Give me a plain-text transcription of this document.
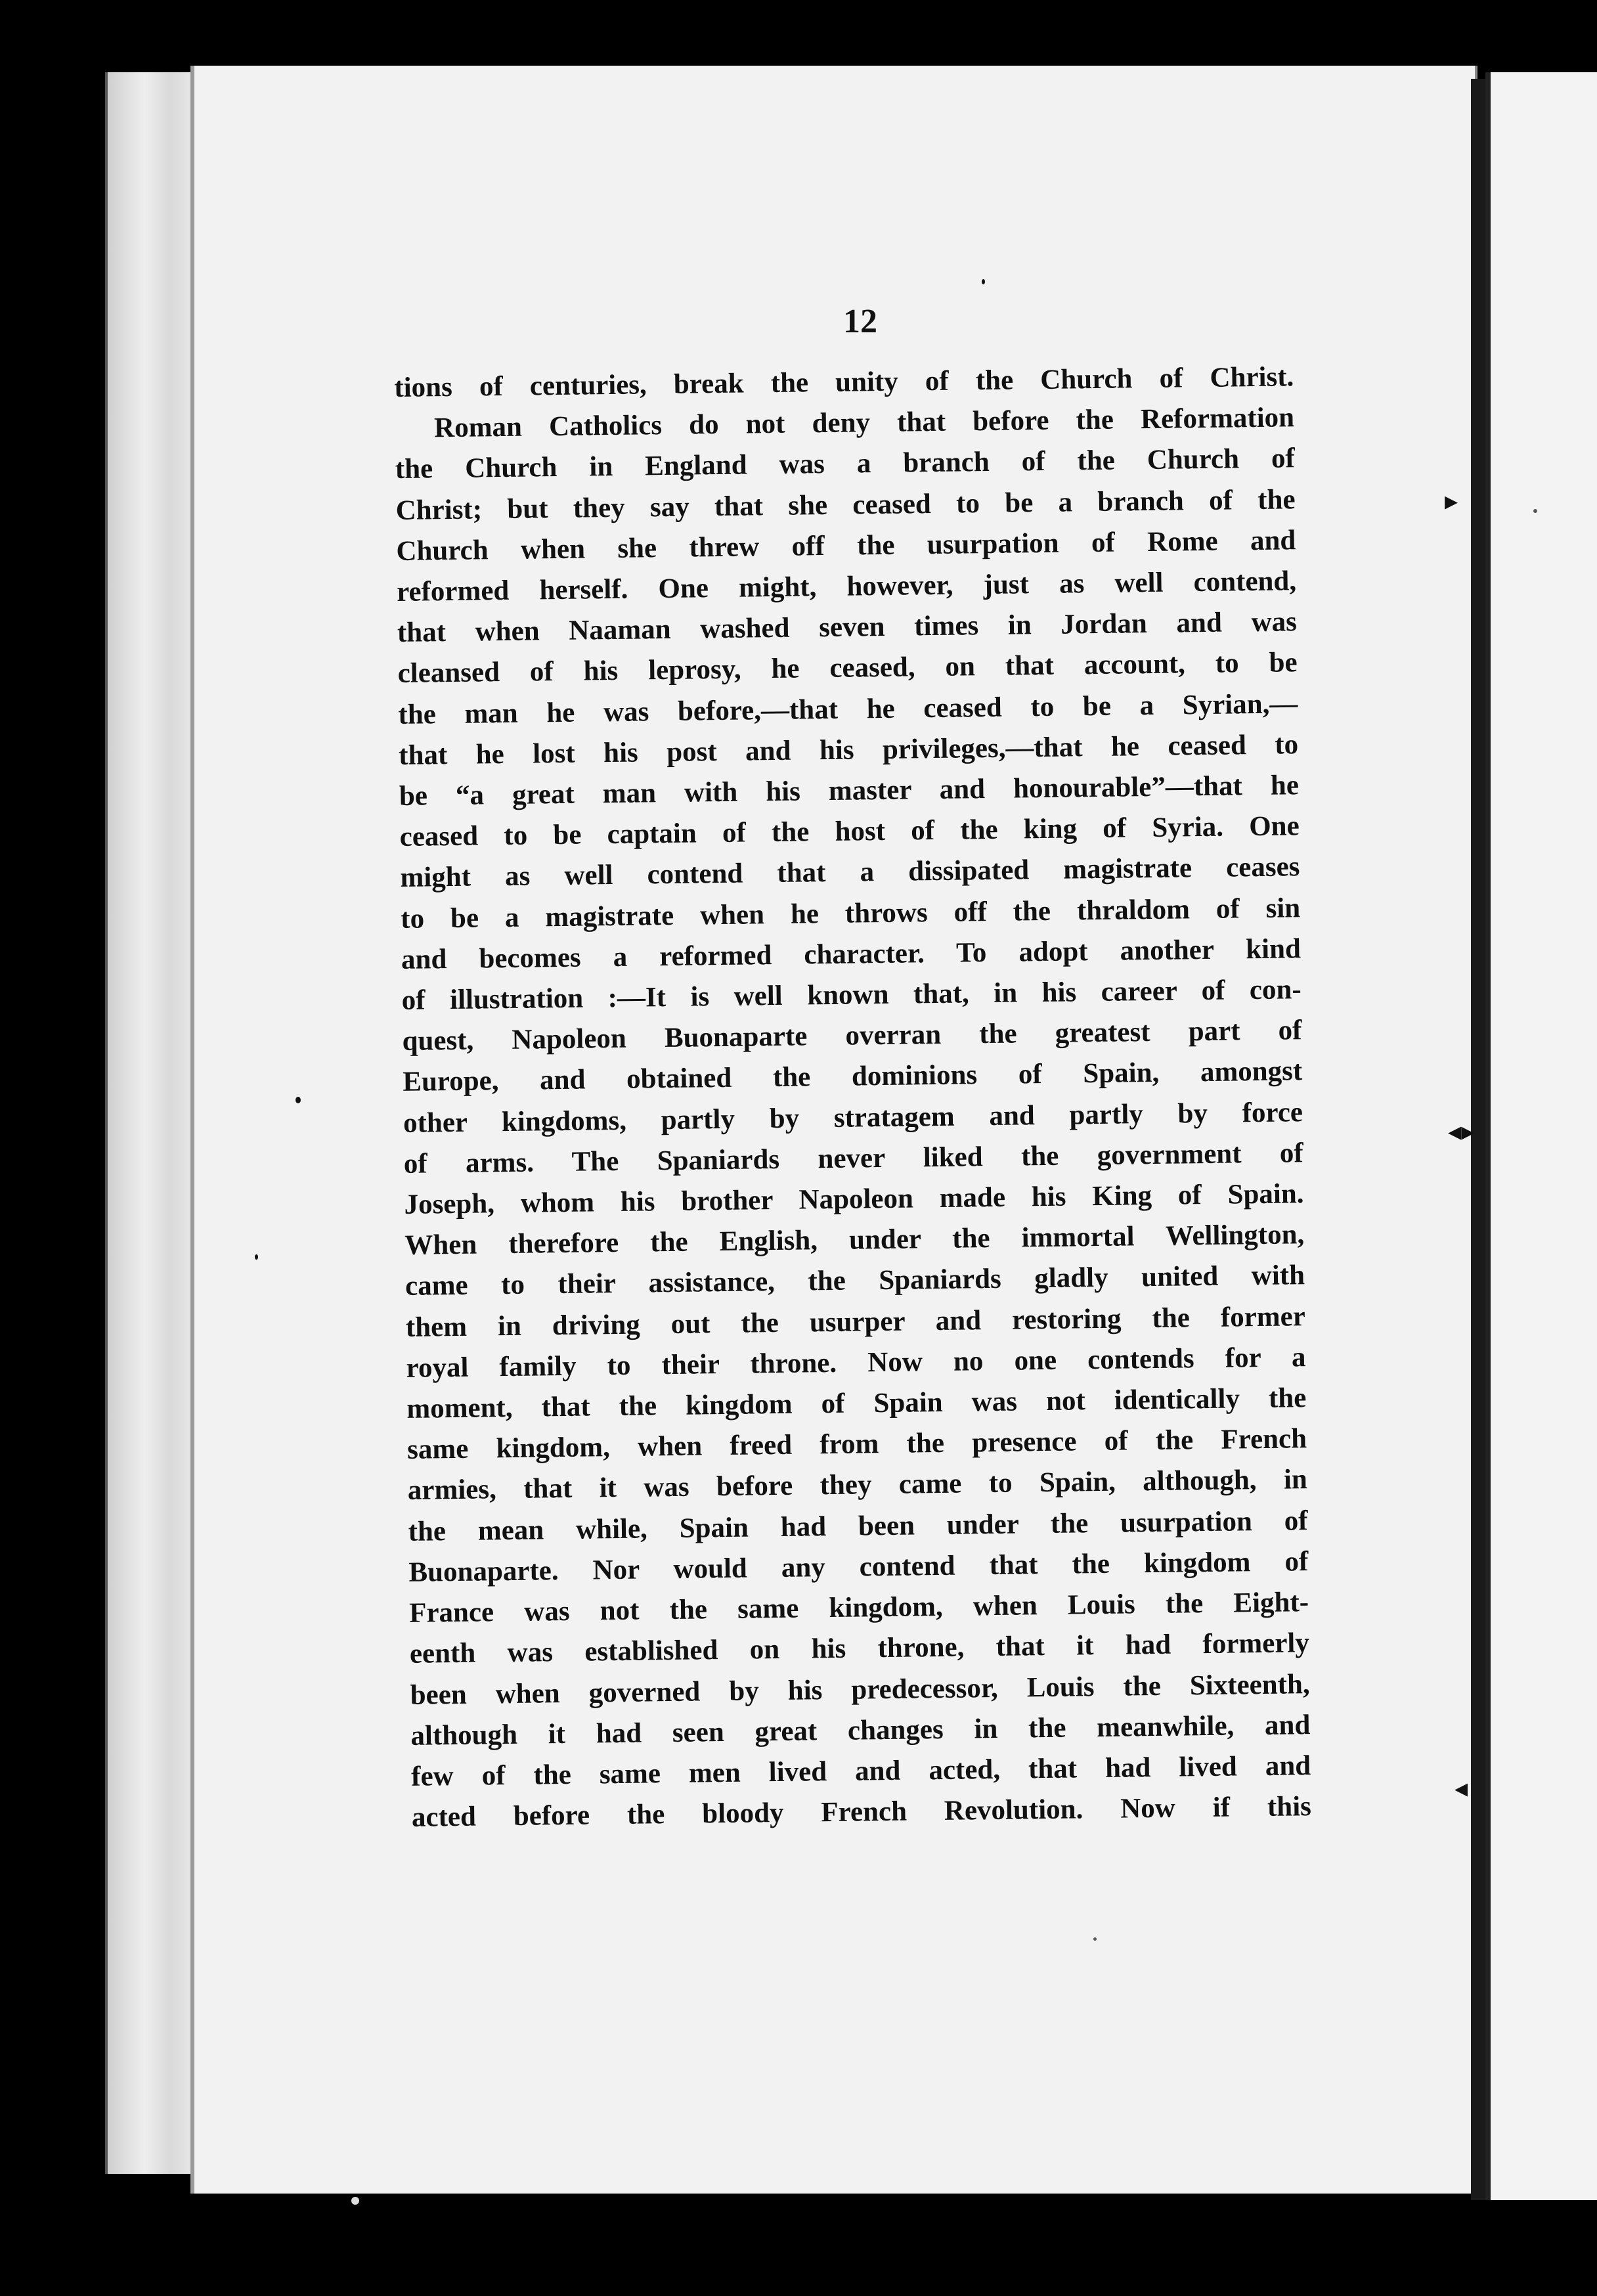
12
tions of centuries, break the unity of the Church of Christ.
Roman Catholics do not deny that before the Reformation
the Church in England was a branch of the Church of
Christ; but they say that she ceased to be a branch of the
Church when she threw off the usurpation of Rome and
reformed herself. One might, however, just as well contend,
that when Naaman washed seven times in Jordan and was
cleansed of his leprosy, he ceased, on that account, to be
the man he was before,—that he ceased to be a Syrian,—
that he lost his post and his privileges,—that he ceased to
be “a great man with his master and honourable”—that he
ceased to be captain of the host of the king of Syria. One
might as well contend that a dissipated magistrate ceases
to be a magistrate when he throws off the thraldom of sin
and becomes a reformed character. To adopt another kind
of illustration :—It is well known that, in his career of con-
quest, Napoleon Buonaparte overran the greatest part of
Europe, and obtained the dominions of Spain, amongst
other kingdoms, partly by stratagem and partly by force
of arms. The Spaniards never liked the government of
Joseph, whom his brother Napoleon made his King of Spain.
When therefore the English, under the immortal Wellington,
came to their assistance, the Spaniards gladly united with
them in driving out the usurper and restoring the former
royal family to their throne. Now no one contends for a
moment, that the kingdom of Spain was not identically the
same kingdom, when freed from the presence of the French
armies, that it was before they came to Spain, although, in
the mean while, Spain had been under the usurpation of
Buonaparte. Nor would any contend that the kingdom of
France was not the same kingdom, when Louis the Eight-
eenth was established on his throne, that it had formerly
been when governed by his predecessor, Louis the Sixteenth,
although it had seen great changes in the meanwhile, and
few of the same men lived and acted, that had lived and
acted before the bloody French Revolution. Now if this
▸
◂▸
◂
